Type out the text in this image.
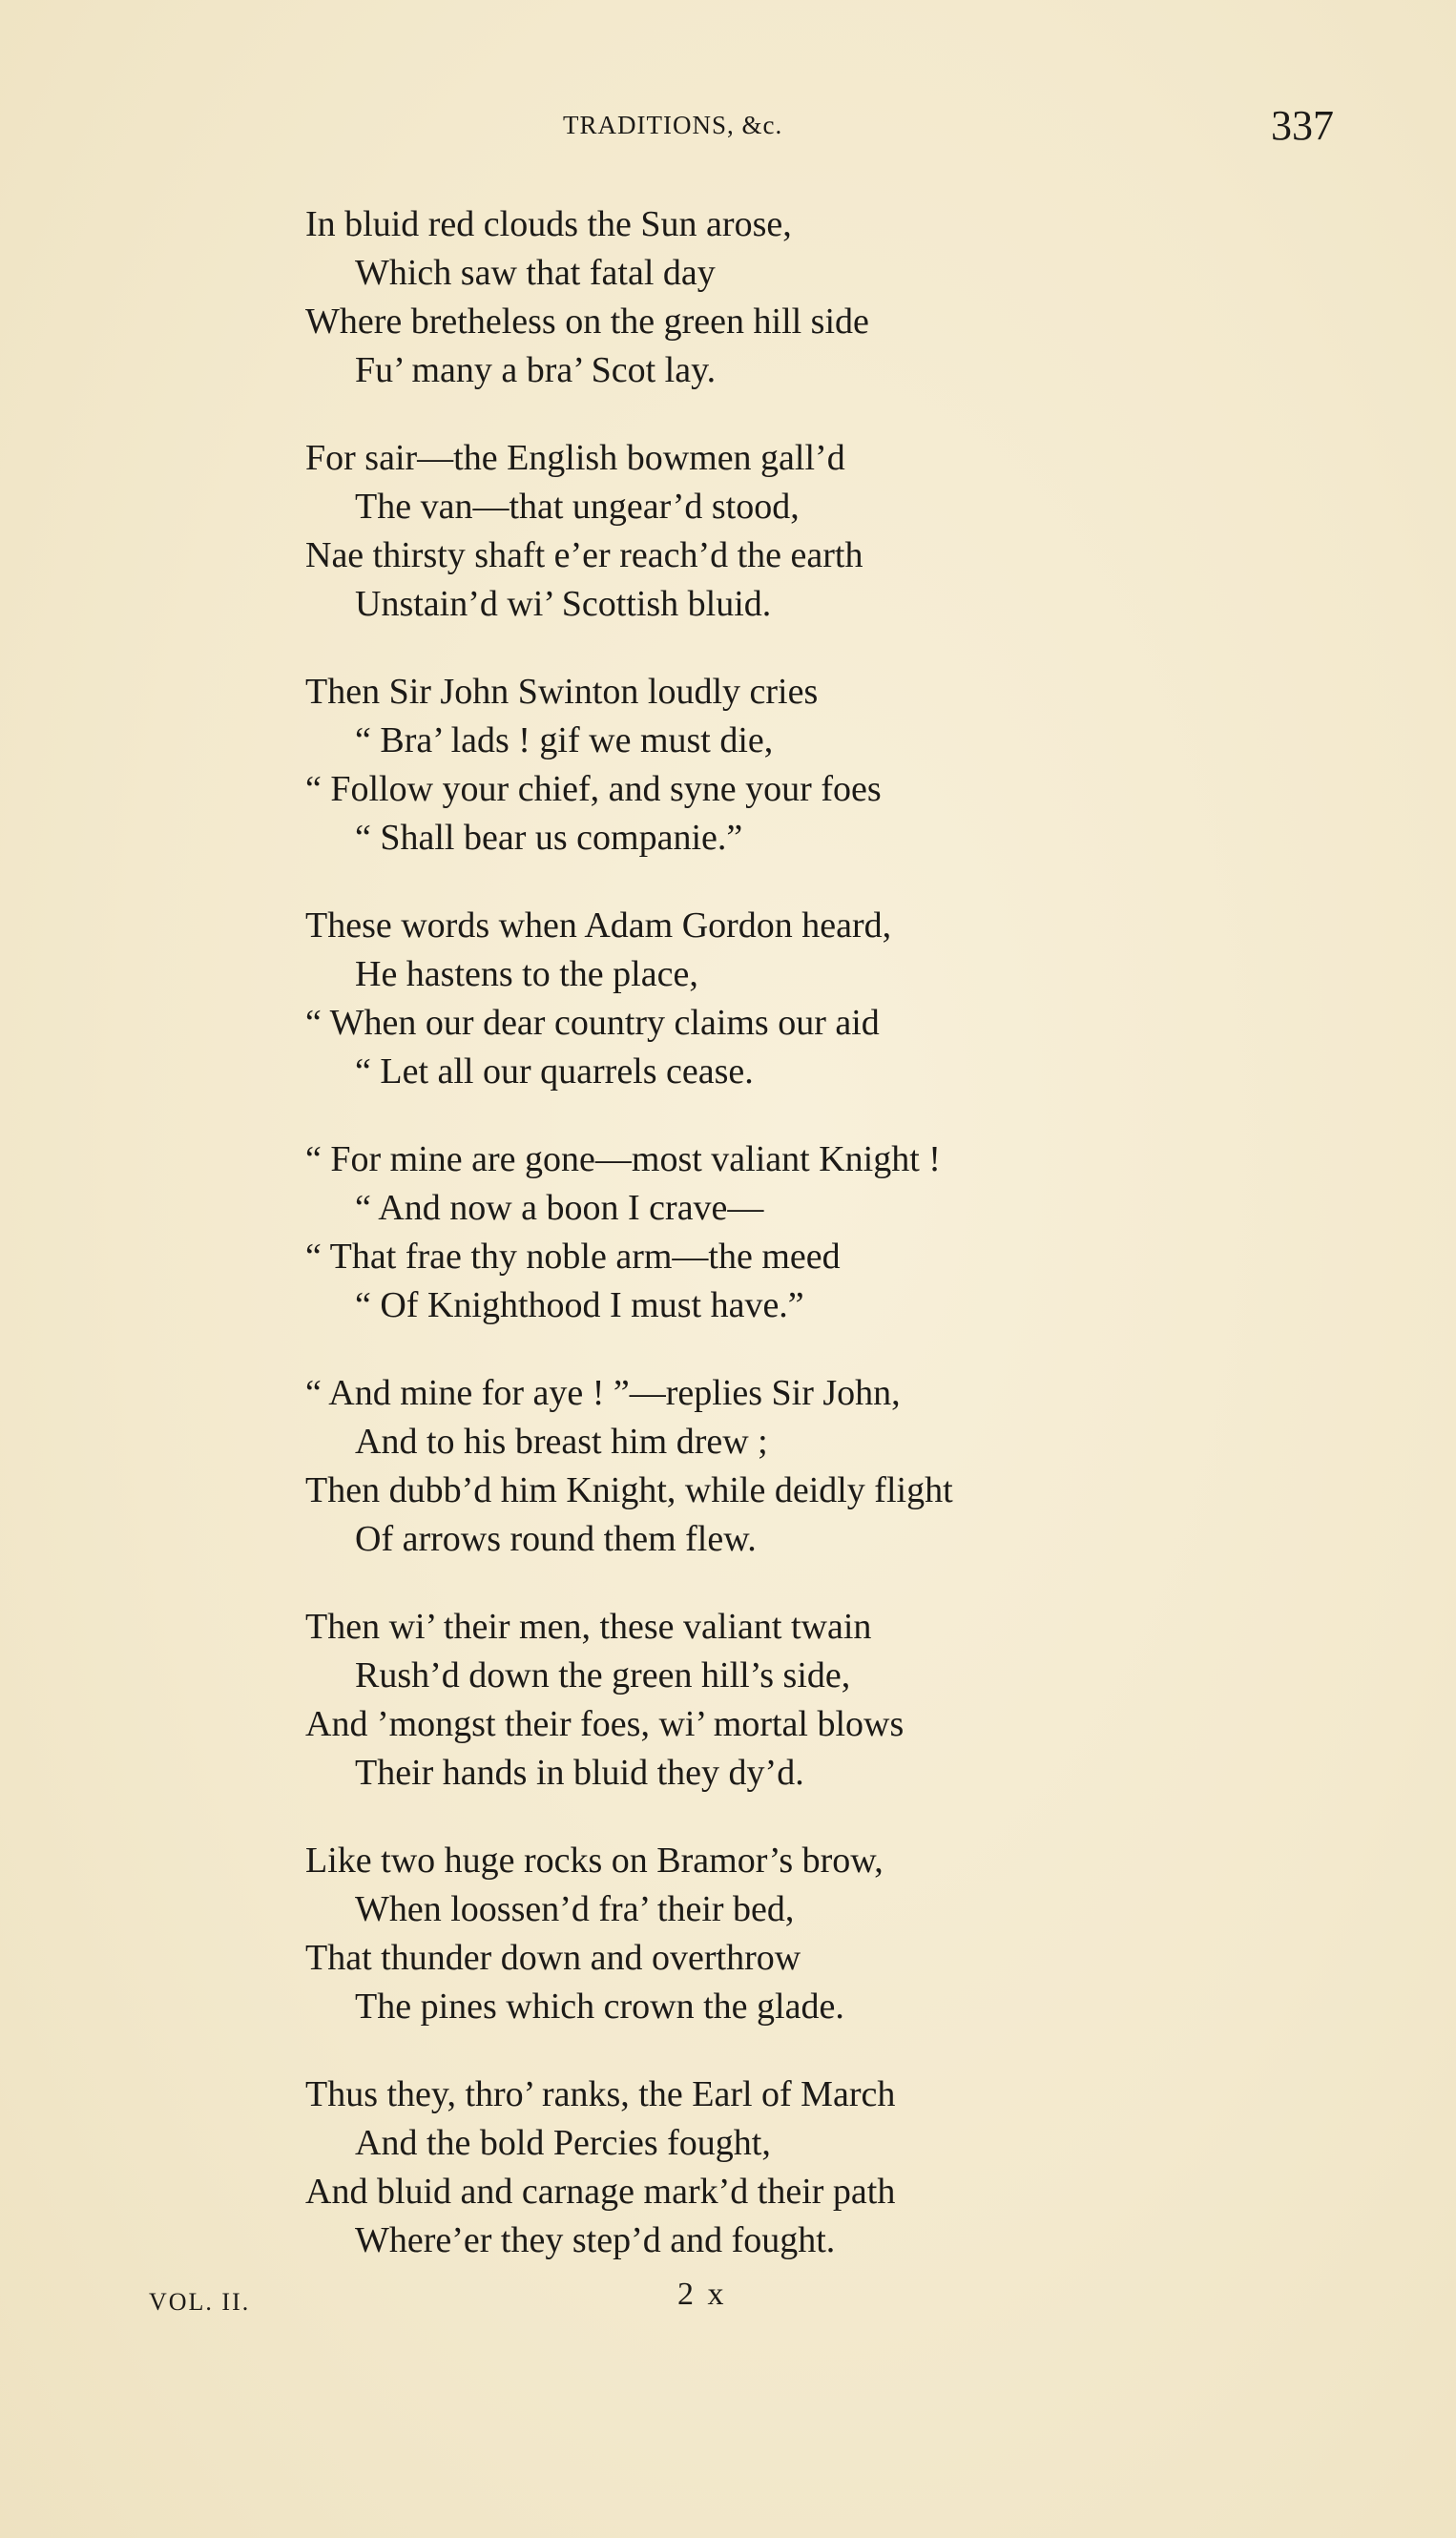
TRADITIONS, &c.	337
In bluid red clouds the Sun arose,
Which saw that fatal day
Where bretheless on the green hill side
Fu’ many a bra’ Scot lay.
For sair—the English bowmen gall’d
The van—that ungear’d stood,
Nae thirsty shaft e’er reach’d the earth
Unstain’d wi’ Scottish bluid.
Then Sir John Swinton loudly cries
“ Bra’ lads ! gif we must die,
“ Follow your chief, and syne your foes
“ Shall bear us companie.”
These words when Adam Gordon heard,
He hastens to the place,
“ When our dear country claims our aid
“ Let all our quarrels cease.
“ For mine are gone—most valiant Knight !
“ And now a boon I crave—
“ That frae thy noble arm—the meed
“ Of Knighthood I must have.”
“ And mine for aye ! ”—replies Sir John,
And to his breast him drew ;
Then dubb’d him Knight, while deidly flight
Of arrows round them flew.
Then wi’ their men, these valiant twain
Rush’d down the green hill’s side,
And ’mongst their foes, wi’ mortal blows
Their hands in bluid they dy’d.
Like two huge rocks on Bramor’s brow,
When loossen’d fra’ their bed,
That thunder down and overthrow
The pines which crown the glade.
Thus they, thro’ ranks, the Earl of March
And the bold Percies fought,
And bluid and carnage mark’d their path
Where’er they step’d and fought.
VOL. II.	2 x
